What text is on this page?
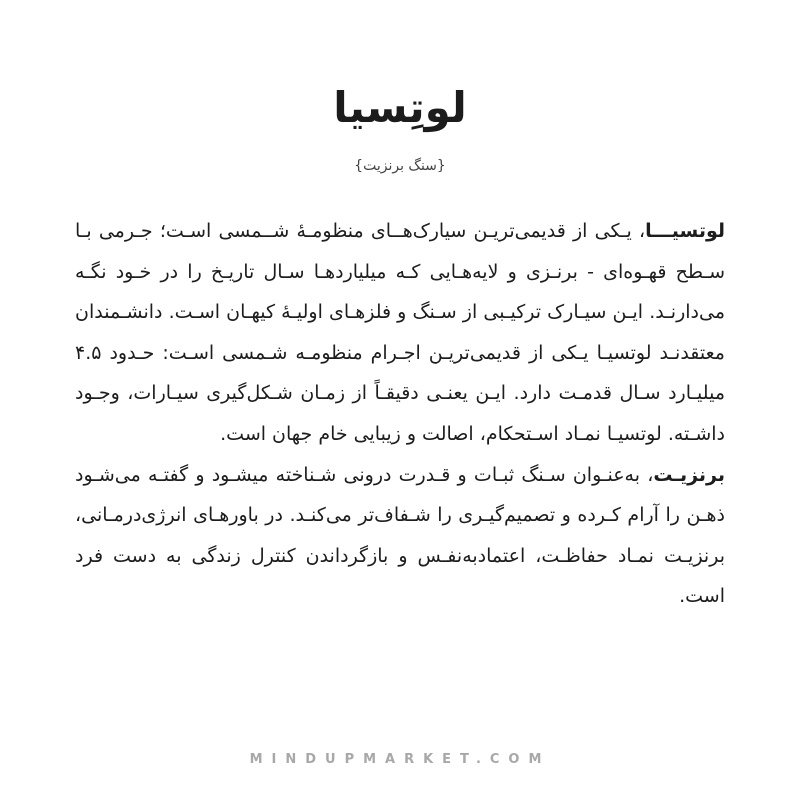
لوتِسیا
{سنگ برنزیت}

لوتسیـــا، یـکی از قدیمی‌تریـن سیارک‌هــای منظومـهٔ شــمسی اسـت؛ جـرمی بـا سـطح قهـوه‌ای - برنـزی و لایه‌هـایی کـه میلیاردهـا سـال تاریـخ را در خـود نگـه می‌دارنـد. ایـن سیـارک ترکیـبی از سـنگ و فلزهـای اولیـهٔ کیهـان اسـت. دانشـمندان معتقدنـد لوتسیـا یـکی از قدیمی‌تریـن اجـرام منظومـه شـمسی اسـت: حـدود ۴.۵ میلیـارد سـال قدمـت دارد. ایـن یعنـی دقیقـاً از زمـان شـکل‌گیری سیـارات، وجـود داشـته. لوتسیـا نمـاد اسـتحکام، اصالت و زیبایی خام جهان است.

برنزیـت، به‌عنـوان سـنگ ثبـات و قـدرت درونی شـناخته میشـود و گفتـه می‌شـود ذهـن را آرام کـرده و تصمیم‌گیـری را شـفاف‌تر می‌کنـد. در باورهـای انرژی‌درمـانی، برنزیـت نمـاد حفاظـت، اعتمادبه‌نفـس و بازگرداندن کنترل زندگی به دست فرد است.

MINDUPMARKET.COM
